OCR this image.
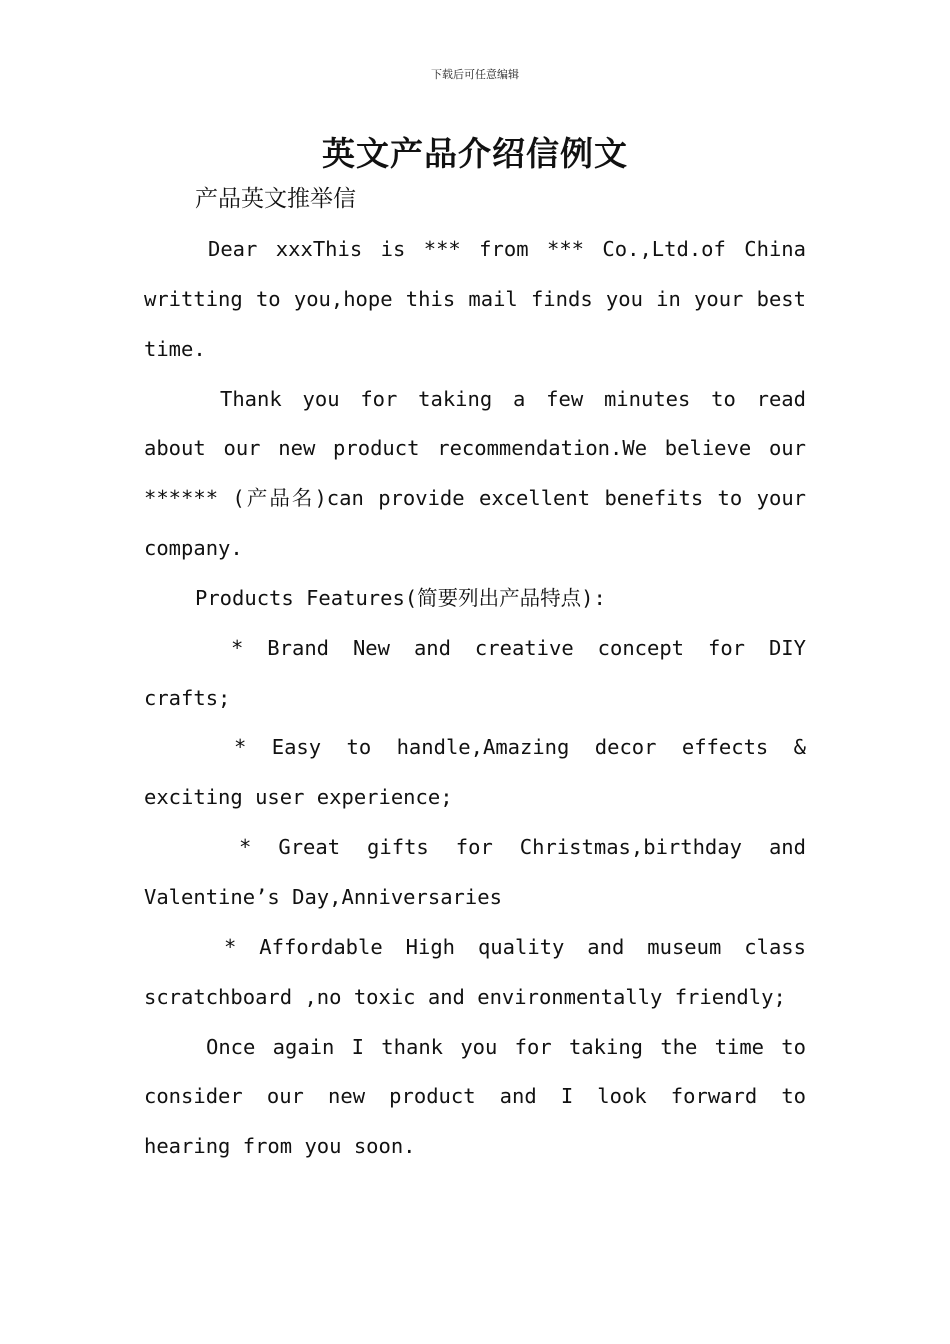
下载后可任意编辑
英文产品介绍信例文
产品英文推举信

Dear xxxThis is *** from *** Co.,Ltd.of China writting to you,hope this mail finds you in your best time.

Thank you for taking a few minutes to read about our new product recommendation.We believe our ****** (产品名)can provide excellent benefits to your company.

Products Features(简要列出产品特点):

* Brand New and creative concept for DIY crafts;

* Easy to handle,Amazing decor effects & exciting user experience;

* Great gifts for Christmas,birthday and Valentine’s Day,Anniversaries

* Affordable High quality and museum class scratchboard ,no toxic and environmentally friendly;

Once again I thank you for taking the time to consider our new product and I look forward to hearing from you soon.
